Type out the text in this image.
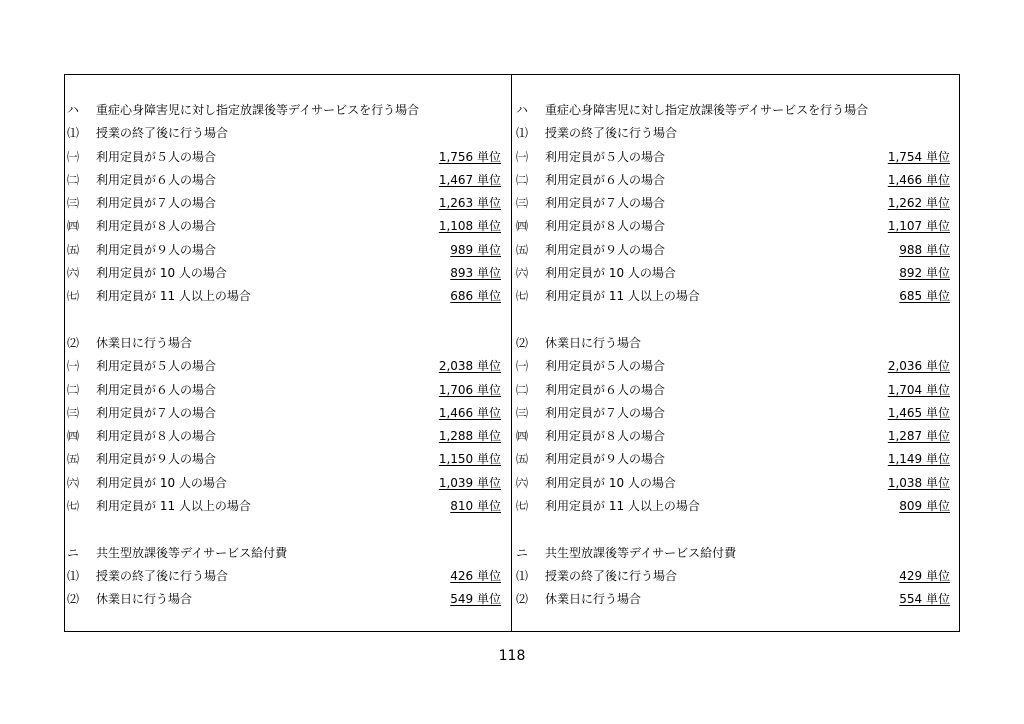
ハ	重症心身障害児に対し指定放課後等デイサービスを行う場合
⑴	授業の終了後に行う場合
㈠	利用定員が５人の場合	1,756 単位
㈡	利用定員が６人の場合	1,467 単位
㈢	利用定員が７人の場合	1,263 単位
㈣	利用定員が８人の場合	1,108 単位
㈤	利用定員が９人の場合	989 単位
㈥	利用定員が 10 人の場合	893 単位
㈦	利用定員が 11 人以上の場合	686 単位
⑵	休業日に行う場合
㈠	利用定員が５人の場合	2,038 単位
㈡	利用定員が６人の場合	1,706 単位
㈢	利用定員が７人の場合	1,466 単位
㈣	利用定員が８人の場合	1,288 単位
㈤	利用定員が９人の場合	1,150 単位
㈥	利用定員が 10 人の場合	1,039 単位
㈦	利用定員が 11 人以上の場合	810 単位
ニ	共生型放課後等デイサービス給付費
⑴	授業の終了後に行う場合	426 単位
⑵	休業日に行う場合	549 単位
ハ	重症心身障害児に対し指定放課後等デイサービスを行う場合
⑴	授業の終了後に行う場合
㈠	利用定員が５人の場合	1,754 単位
㈡	利用定員が６人の場合	1,466 単位
㈢	利用定員が７人の場合	1,262 単位
㈣	利用定員が８人の場合	1,107 単位
㈤	利用定員が９人の場合	988 単位
㈥	利用定員が 10 人の場合	892 単位
㈦	利用定員が 11 人以上の場合	685 単位
⑵	休業日に行う場合
㈠	利用定員が５人の場合	2,036 単位
㈡	利用定員が６人の場合	1,704 単位
㈢	利用定員が７人の場合	1,465 単位
㈣	利用定員が８人の場合	1,287 単位
㈤	利用定員が９人の場合	1,149 単位
㈥	利用定員が 10 人の場合	1,038 単位
㈦	利用定員が 11 人以上の場合	809 単位
ニ	共生型放課後等デイサービス給付費
⑴	授業の終了後に行う場合	429 単位
⑵	休業日に行う場合	554 単位
118
